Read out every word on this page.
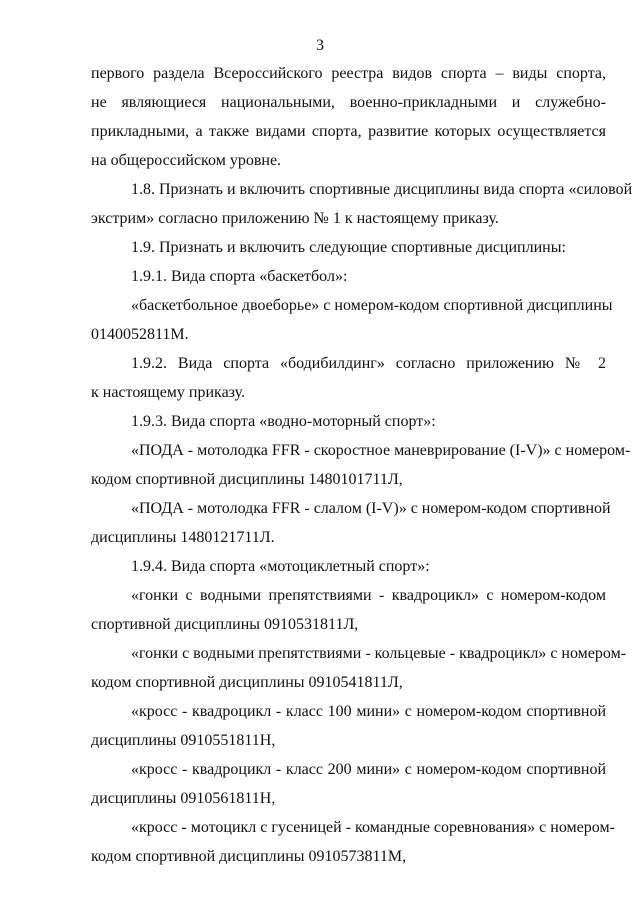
3
первого раздела Всероссийского реестра видов спорта – виды спорта,
не являющиеся национальными, военно-прикладными и служебно-
прикладными, а также видами спорта, развитие которых осуществляется
на общероссийском уровне.
1.8. Признать и включить спортивные дисциплины вида спорта «силовой
экстрим» согласно приложению № 1 к настоящему приказу.
1.9. Признать и включить следующие спортивные дисциплины:
1.9.1. Вида спорта «баскетбол»:
«баскетбольное двоеборье» с номером-кодом спортивной дисциплины
0140052811М.
1.9.2. Вида спорта «бодибилдинг» согласно приложению № 2
к настоящему приказу.
1.9.3. Вида спорта «водно-моторный спорт»:
«ПОДА - мотолодка FFR - скоростное маневрирование (I-V)» с номером-
кодом спортивной дисциплины 1480101711Л,
«ПОДА - мотолодка FFR - слалом (I-V)» с номером-кодом спортивной
дисциплины 1480121711Л.
1.9.4. Вида спорта «мотоциклетный спорт»:
«гонки с водными препятствиями - квадроцикл» с номером-кодом
спортивной дисциплины 0910531811Л,
«гонки с водными препятствиями - кольцевые - квадроцикл» с номером-
кодом спортивной дисциплины 0910541811Л,
«кросс - квадроцикл - класс 100 мини» с номером-кодом спортивной
дисциплины 0910551811Н,
«кросс - квадроцикл - класс 200 мини» с номером-кодом спортивной
дисциплины 0910561811Н,
«кросс - мотоцикл с гусеницей - командные соревнования» с номером-
кодом спортивной дисциплины 0910573811М,
